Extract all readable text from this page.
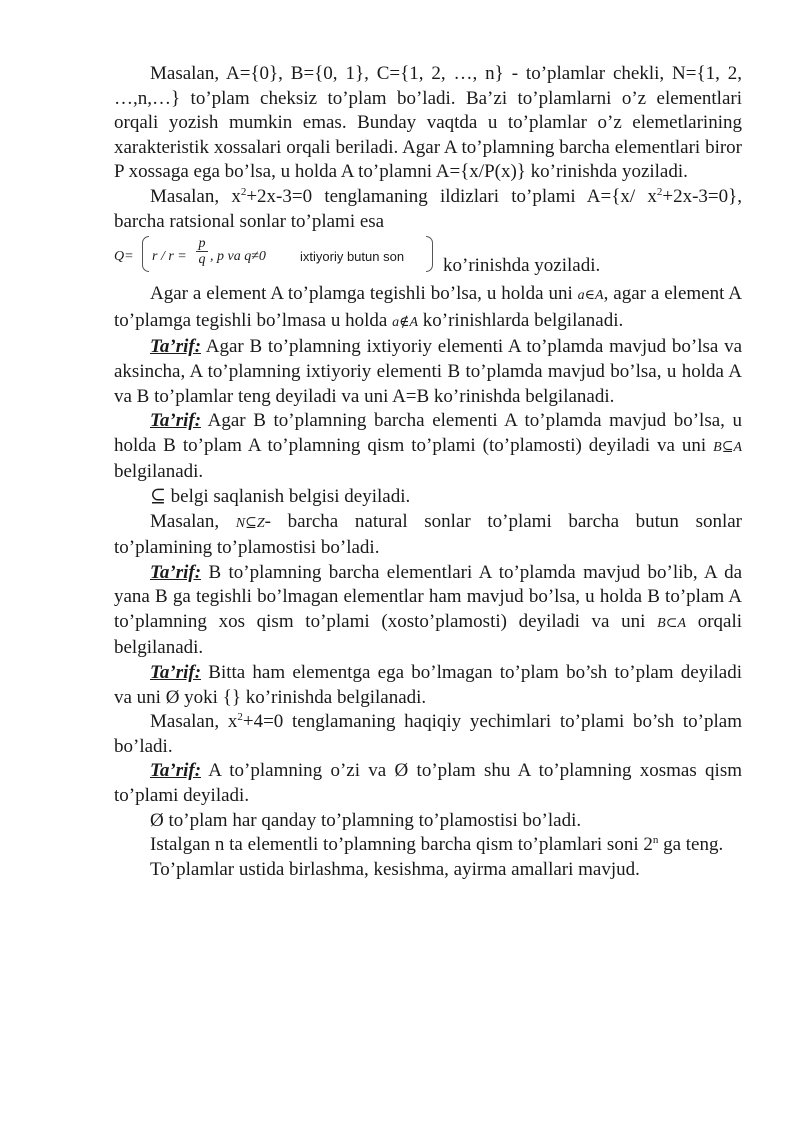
Masalan, A={0}, B={0, 1}, C={1, 2, …, n} - to’plamlar chekli, N={1, 2, …,n,…} to’plam cheksiz to’plam bo’ladi. Ba’zi to’plamlarni o’z elementlari orqali yozish mumkin emas. Bunday vaqtda u to’plamlar o’z elemetlarining xarakteristik xossalari orqali beriladi. Agar A to’plamning barcha elementlari biror P xossaga ega bo’lsa, u holda A to’plamni A={x/P(x)} ko’rinishda yoziladi.

Masalan, $x^2+2x-3=0$ tenglamaning ildizlari to’plami A={x/ $x^2+2x-3=0$}, barcha ratsional sonlar to’plami esa

Q= r / r =
p
q , p va q≠0	ixtiyoriy butun son ko’rinishda yoziladi.

Agar a element A to’plamga tegishli bo’lsa, u holda uni a∈A, agar a element A to’plamga tegishli bo’lmasa u holda a∉A ko’rinishlarda belgilanadi.

Ta’rif: Agar B to’plamning ixtiyoriy elementi A to’plamda mavjud bo’lsa va aksincha, A to’plamning ixtiyoriy elementi B to’plamda mavjud bo’lsa, u holda A va B to’plamlar teng deyiladi va uni A=B ko’rinishda belgilanadi.

Ta’rif: Agar B to’plamning barcha elementi A to’plamda mavjud bo’lsa, u holda B to’plam A to’plamning qism to’plami (to’plamosti) deyiladi va uni B⊆A belgilanadi.

⊆ belgi saqlanish belgisi deyiladi.

Masalan, N⊆Z- barcha natural sonlar to’plami barcha butun sonlar to’plamining to’plamostisi bo’ladi.

Ta’rif: B to’plamning barcha elementlari A to’plamda mavjud bo’lib, A da yana B ga tegishli bo’lmagan elementlar ham mavjud bo’lsa, u holda B to’plam A to’plamning xos qism to’plami (xosto’plamosti) deyiladi va uni B⊂A orqali belgilanadi.

Ta’rif: Bitta ham elementga ega bo’lmagan to’plam bo’sh to’plam deyiladi va uni Ø yoki {} ko’rinishda belgilanadi.

Masalan, $x^2+4=0$ tenglamaning haqiqiy yechimlari to’plami bo’sh to’plam bo’ladi.

Ta’rif: A to’plamning o’zi va Ø to’plam shu A to’plamning xosmas qism to’plami deyiladi.

Ø to’plam har qanday to’plamning to’plamostisi bo’ladi.

Istalgan n ta elementli to’plamning barcha qism to’plamlari soni 2$^n$ ga teng.

To’plamlar ustida birlashma, kesishma, ayirma amallari mavjud.
